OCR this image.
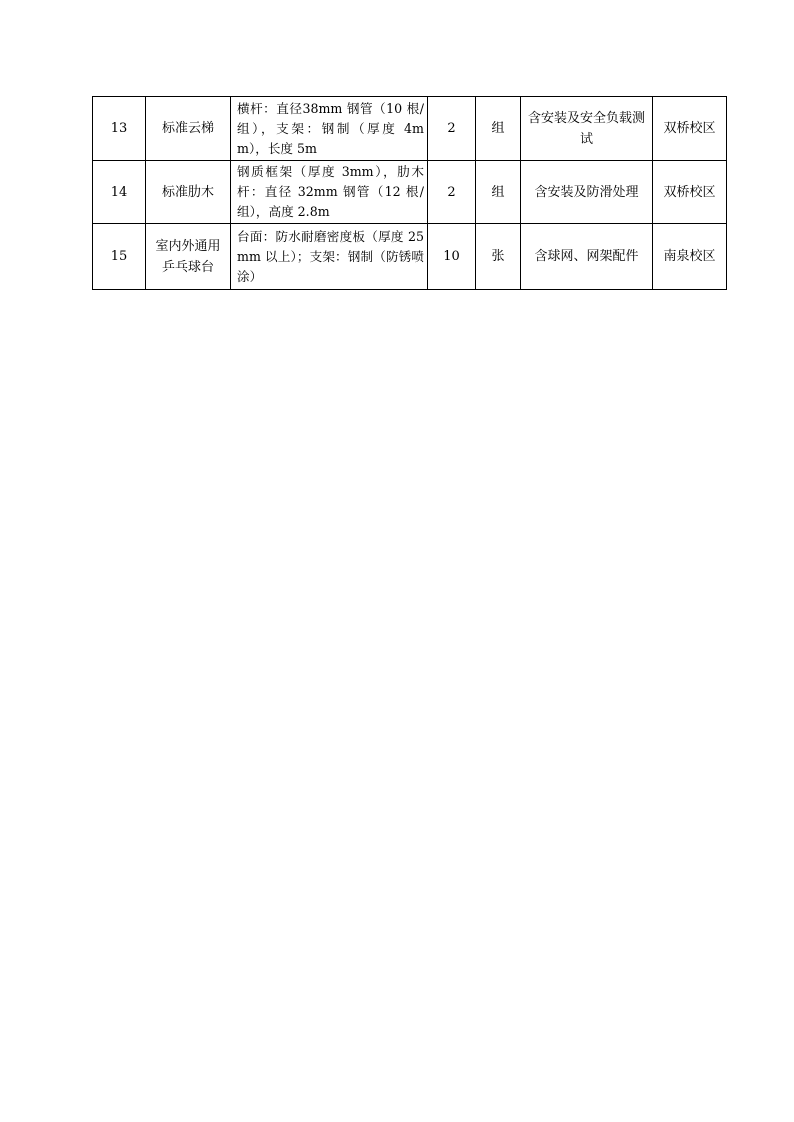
13	标准云梯	横杆：直径38mm 钢管（10 根/组），支架：钢制（厚度 4mm），长度 5m	2	组	含安装及安全负载测试	双桥校区
14	标准肋木	钢质框架（厚度 3mm），肋木杆：直径 32mm 钢管（12 根/组），高度 2.8m	2	组	含安装及防滑处理	双桥校区
15	室内外通用乒乓球台	台面：防水耐磨密度板（厚度 25mm 以上）；支架：钢制（防锈喷涂）	10	张	含球网、网架配件	南泉校区
